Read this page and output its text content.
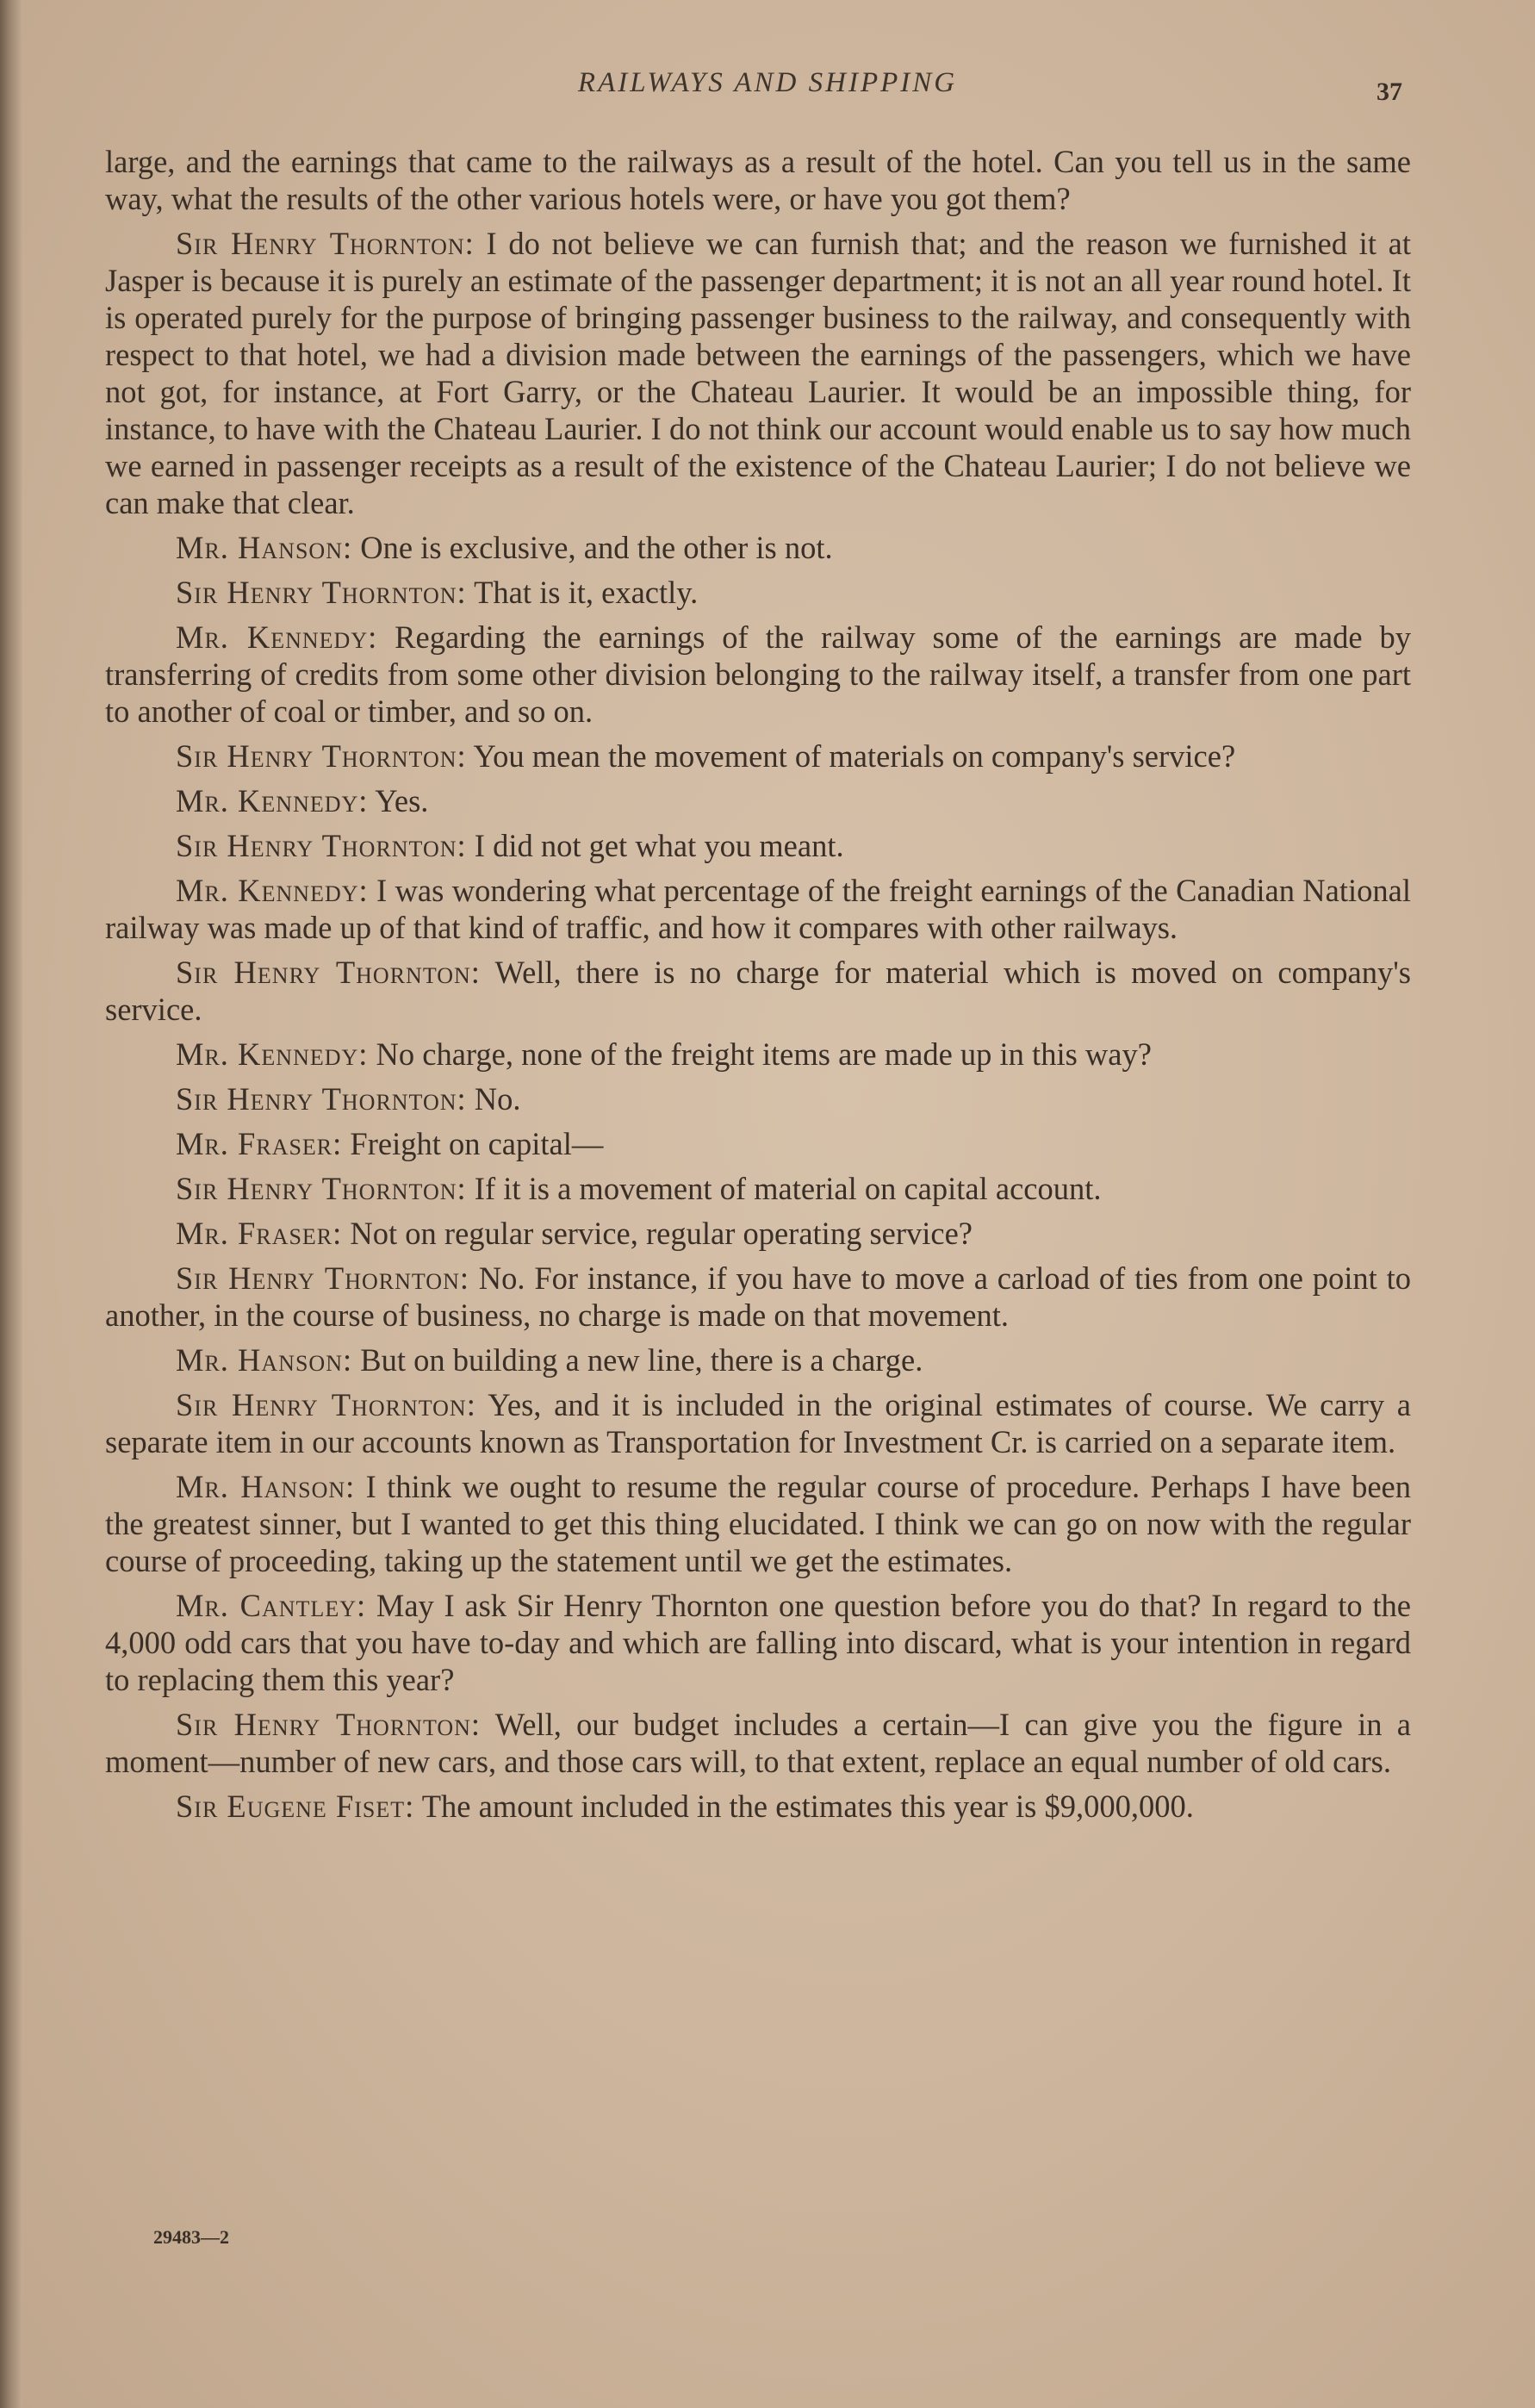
RAILWAYS AND SHIPPING	37

large, and the earnings that came to the railways as a result of the hotel. Can you tell us in the same way, what the results of the other various hotels were, or have you got them?

Sir Henry Thornton: I do not believe we can furnish that; and the reason we furnished it at Jasper is because it is purely an estimate of the passenger department; it is not an all year round hotel. It is operated purely for the purpose of bringing passenger business to the railway, and consequently with respect to that hotel, we had a division made between the earnings of the passengers, which we have not got, for instance, at Fort Garry, or the Chateau Laurier. It would be an impossible thing, for instance, to have with the Chateau Laurier. I do not think our account would enable us to say how much we earned in passenger receipts as a result of the existence of the Chateau Laurier; I do not believe we can make that clear.

Mr. Hanson: One is exclusive, and the other is not.

Sir Henry Thornton: That is it, exactly.

Mr. Kennedy: Regarding the earnings of the railway some of the earnings are made by transferring of credits from some other division belonging to the railway itself, a transfer from one part to another of coal or timber, and so on.

Sir Henry Thornton: You mean the movement of materials on company's service?

Mr. Kennedy: Yes.

Sir Henry Thornton: I did not get what you meant.

Mr. Kennedy: I was wondering what percentage of the freight earnings of the Canadian National railway was made up of that kind of traffic, and how it compares with other railways.

Sir Henry Thornton: Well, there is no charge for material which is moved on company's service.

Mr. Kennedy: No charge, none of the freight items are made up in this way?

Sir Henry Thornton: No.

Mr. Fraser: Freight on capital—

Sir Henry Thornton: If it is a movement of material on capital account.

Mr. Fraser: Not on regular service, regular operating service?

Sir Henry Thornton: No. For instance, if you have to move a carload of ties from one point to another, in the course of business, no charge is made on that movement.

Mr. Hanson: But on building a new line, there is a charge.

Sir Henry Thornton: Yes, and it is included in the original estimates of course. We carry a separate item in our accounts known as Transportation for Investment Cr. is carried on a separate item.

Mr. Hanson: I think we ought to resume the regular course of procedure. Perhaps I have been the greatest sinner, but I wanted to get this thing elucidated. I think we can go on now with the regular course of proceeding, taking up the statement until we get the estimates.

Mr. Cantley: May I ask Sir Henry Thornton one question before you do that? In regard to the 4,000 odd cars that you have to-day and which are falling into discard, what is your intention in regard to replacing them this year?

Sir Henry Thornton: Well, our budget includes a certain—I can give you the figure in a moment—number of new cars, and those cars will, to that extent, replace an equal number of old cars.

Sir Eugene Fiset: The amount included in the estimates this year is $9,000,000.

29483—2
